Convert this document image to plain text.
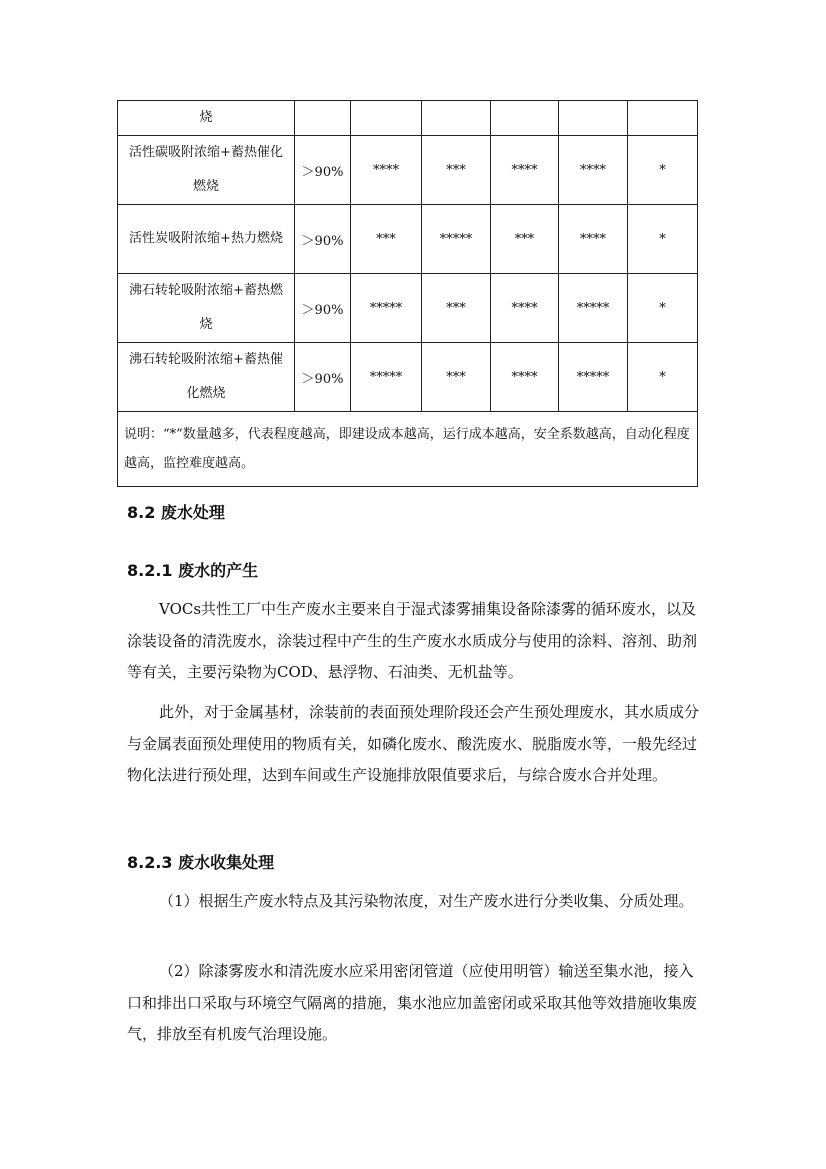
烧						
活性碳吸附浓缩+蓄热催化燃烧	＞90%	****	***	****	****	*
活性炭吸附浓缩+热力燃烧	＞90%	***	*****	***	****	*
沸石转轮吸附浓缩+蓄热燃烧	＞90%	*****	***	****	*****	*
沸石转轮吸附浓缩+蓄热催化燃烧	＞90%	*****	***	****	*****	*
说明：“*”数量越多，代表程度越高，即建设成本越高，运行成本越高，安全系数越高，自动化程度越高，监控难度越高。						
8.2 废水处理
8.2.1 废水的产生

VOCs共性工厂中生产废水主要来自于湿式漆雾捕集设备除漆雾的循环废水，以及涂装设备的清洗废水，涂装过程中产生的生产废水水质成分与使用的涂料、溶剂、助剂等有关，主要污染物为COD、悬浮物、石油类、无机盐等。

此外，对于金属基材，涂装前的表面预处理阶段还会产生预处理废水，其水质成分与金属表面预处理使用的物质有关，如磷化废水、酸洗废水、脱脂废水等，一般先经过物化法进行预处理，达到车间或生产设施排放限值要求后，与综合废水合并处理。

8.2.3 废水收集处理

（1）根据生产废水特点及其污染物浓度，对生产废水进行分类收集、分质处理。

（2）除漆雾废水和清洗废水应采用密闭管道（应使用明管）输送至集水池，接入口和排出口采取与环境空气隔离的措施，集水池应加盖密闭或采取其他等效措施收集废气，排放至有机废气治理设施。
